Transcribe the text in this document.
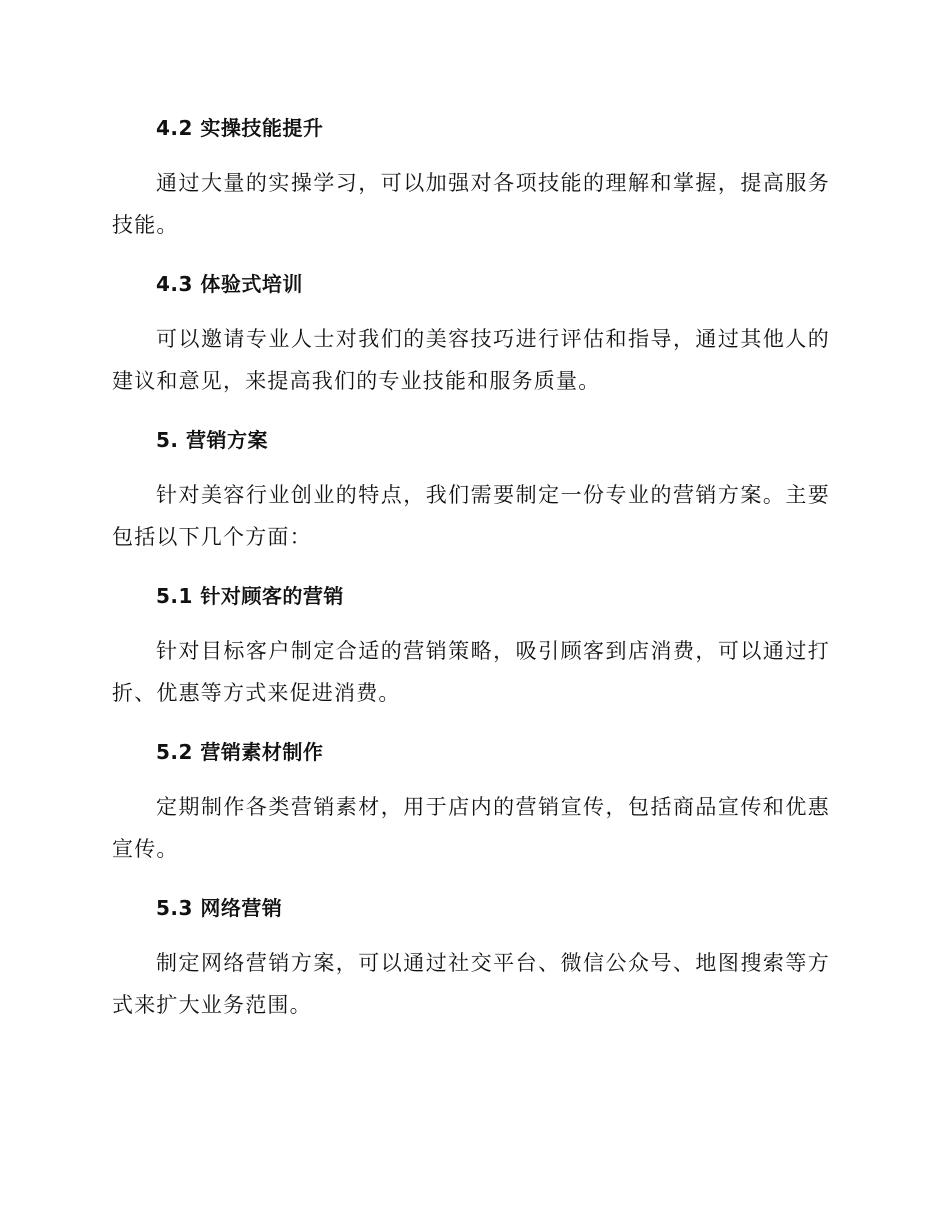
4.2 实操技能提升

通过大量的实操学习，可以加强对各项技能的理解和掌握，提高服务技能。

4.3 体验式培训

可以邀请专业人士对我们的美容技巧进行评估和指导，通过其他人的建议和意见，来提高我们的专业技能和服务质量。

5. 营销方案

针对美容行业创业的特点，我们需要制定一份专业的营销方案。主要包括以下几个方面：

5.1 针对顾客的营销

针对目标客户制定合适的营销策略，吸引顾客到店消费，可以通过打折、优惠等方式来促进消费。

5.2 营销素材制作

定期制作各类营销素材，用于店内的营销宣传，包括商品宣传和优惠宣传。

5.3 网络营销

制定网络营销方案，可以通过社交平台、微信公众号、地图搜索等方式来扩大业务范围。
